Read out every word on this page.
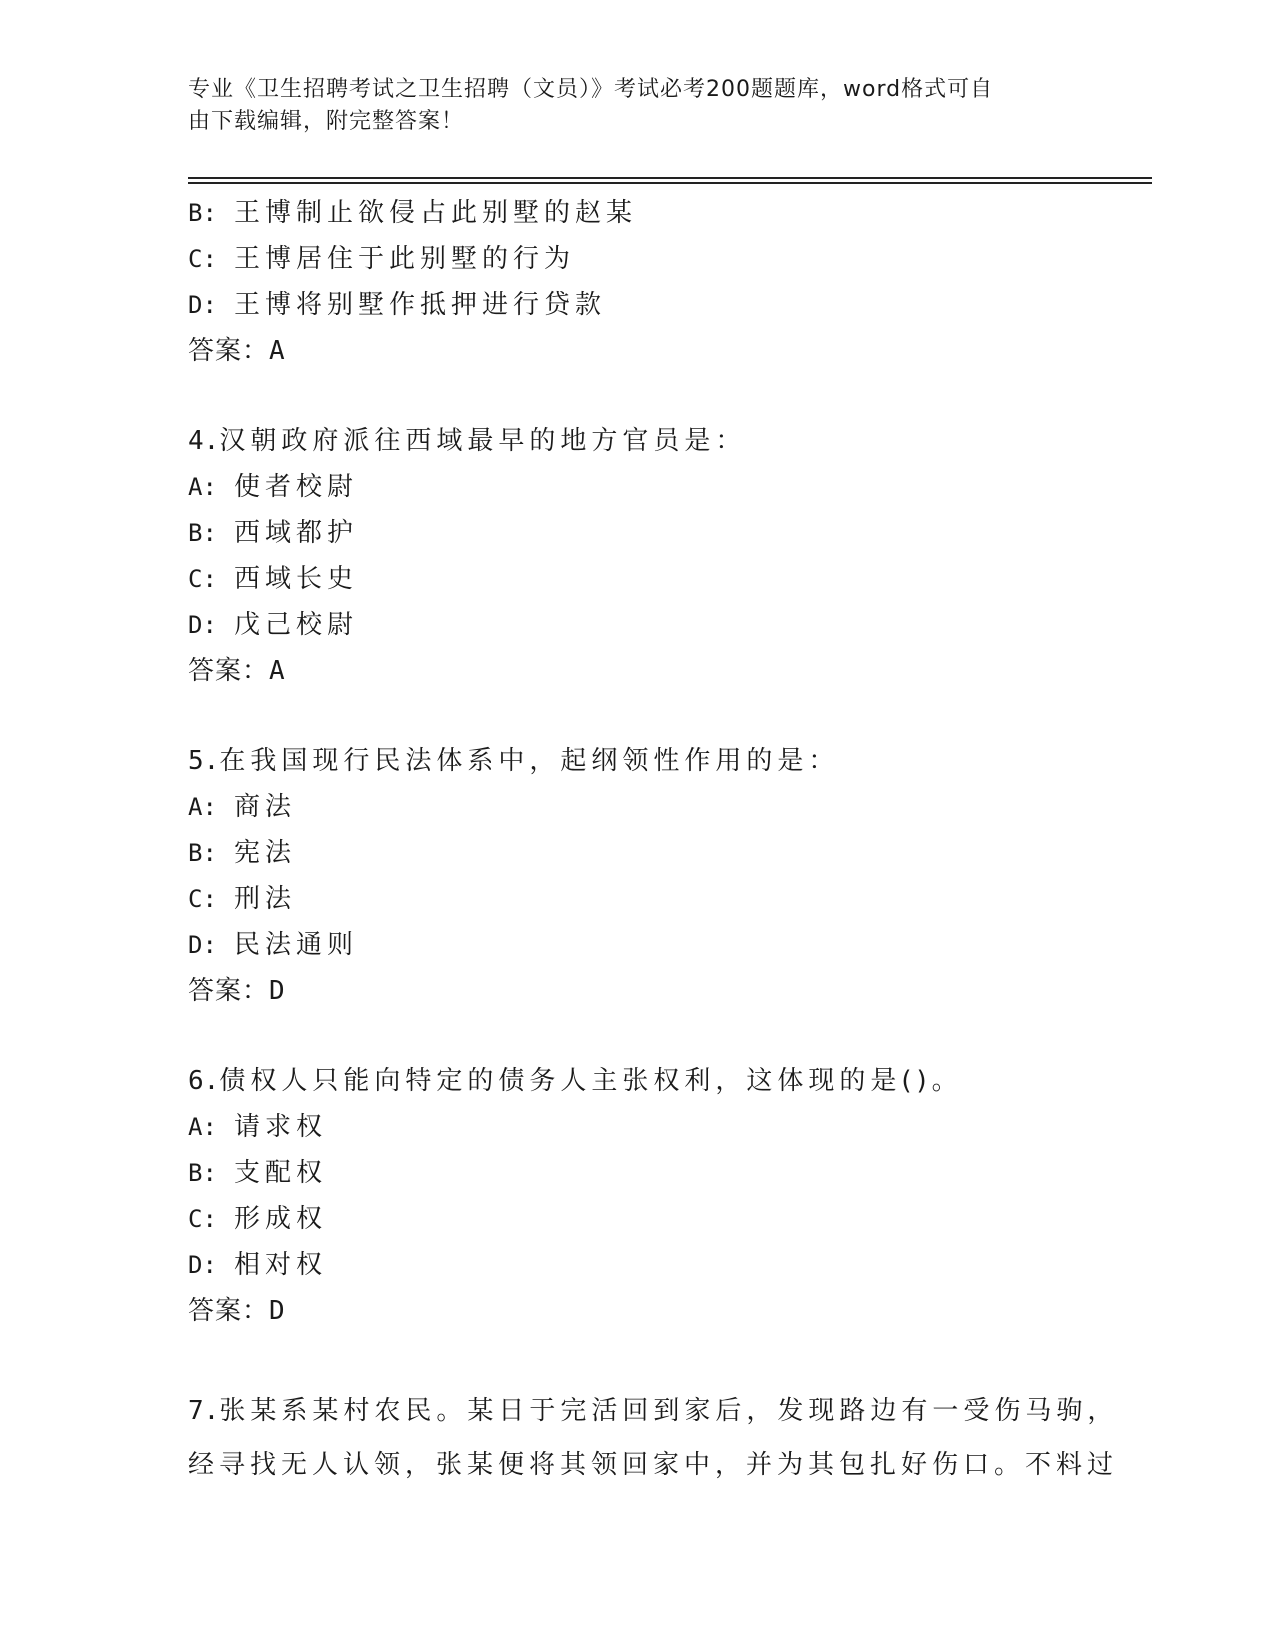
专业《卫生招聘考试之卫生招聘（文员）》考试必考200题题库，word格式可自
由下载编辑，附完整答案！
B: 王博制止欲侵占此别墅的赵某
C: 王博居住于此别墅的行为
D: 王博将别墅作抵押进行贷款
答案：A
4.汉朝政府派往西域最早的地方官员是：
A: 使者校尉
B: 西域都护
C: 西域长史
D: 戊己校尉
答案：A
5.在我国现行民法体系中，起纲领性作用的是：
A: 商法
B: 宪法
C: 刑法
D: 民法通则
答案：D
6.债权人只能向特定的债务人主张权利，这体现的是()。
A: 请求权
B: 支配权
C: 形成权
D: 相对权
答案：D
7.张某系某村农民。某日于完活回到家后，发现路边有一受伤马驹，
经寻找无人认领，张某便将其领回家中，并为其包扎好伤口。不料过
